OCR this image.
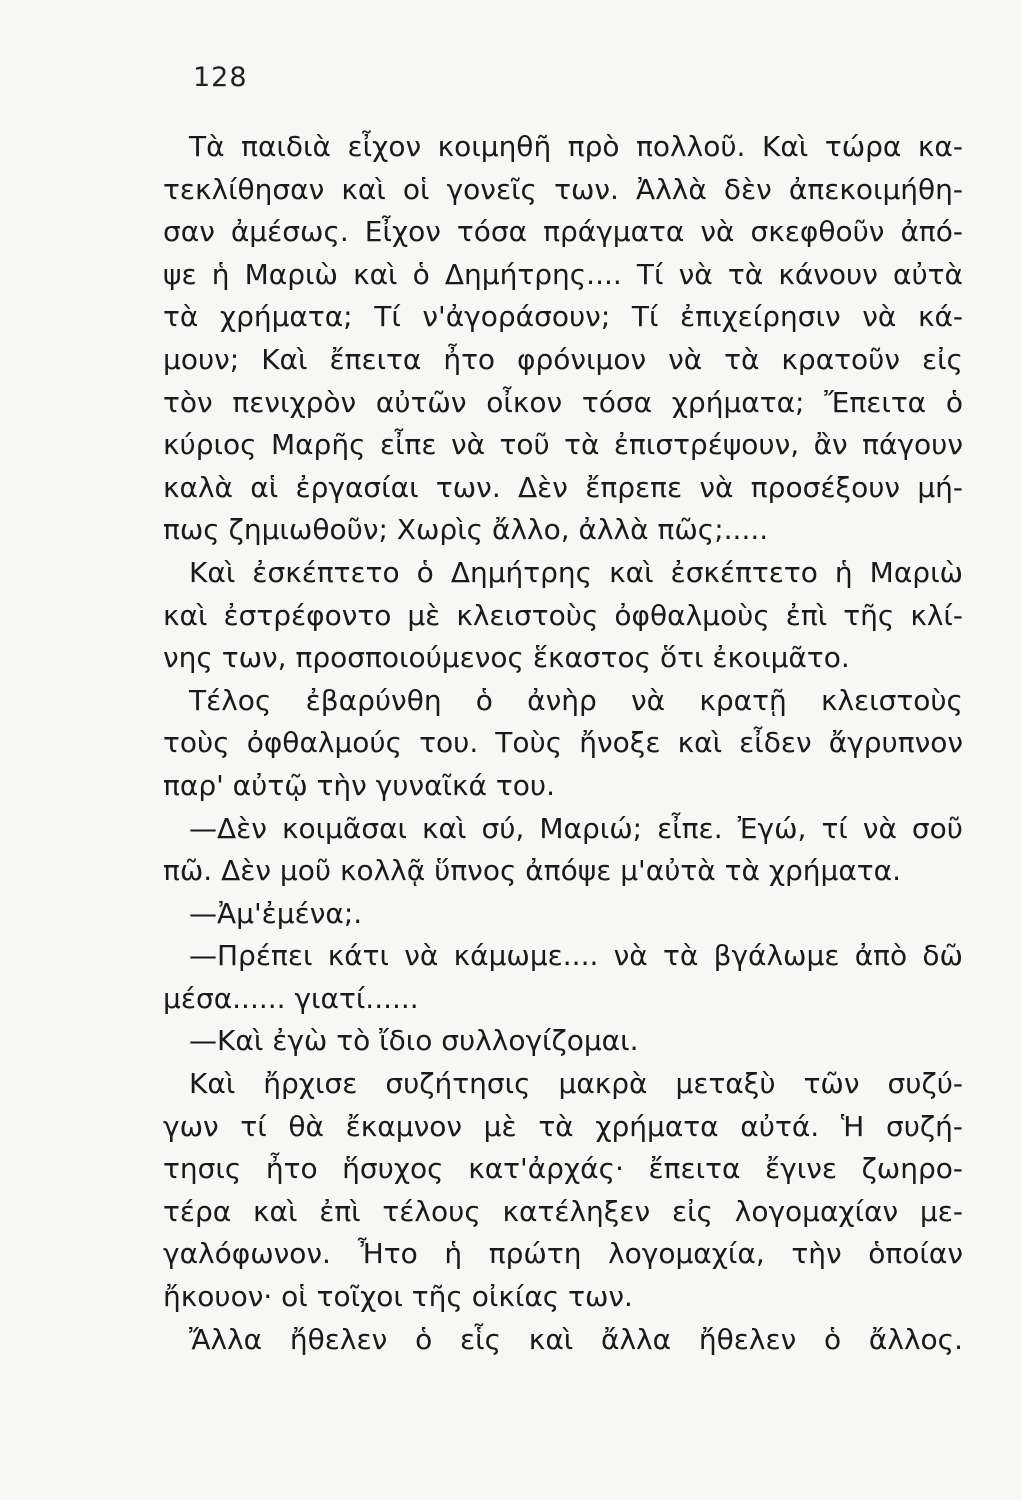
128
Τὰ παιδιὰ εἶχον κοιμηθῆ πρὸ πολλοῦ. Καὶ τώρα κα-
τεκλίθησαν καὶ οἱ γονεῖς των. Ἀλλὰ δὲν ἀπεκοιμήθη-
σαν ἀμέσως. Εἶχον τόσα πράγματα νὰ σκεφθοῦν ἀπό-
ψε ἡ Μαριὼ καὶ ὁ Δημήτρης.... Τί νὰ τὰ κάνουν αὐτὰ
τὰ χρήματα; Τί ν'ἀγοράσουν; Τί ἐπιχείρησιν νὰ κά-
μουν; Καὶ ἔπειτα ἦτο φρόνιμον νὰ τὰ κρατοῦν εἰς
τὸν πενιχρὸν αὐτῶν οἶκον τόσα χρήματα; Ἔπειτα ὁ
κύριος Μαρῆς εἶπε νὰ τοῦ τὰ ἐπιστρέψουν, ἂν πάγουν
καλὰ αἱ ἐργασίαι των. Δὲν ἔπρεπε νὰ προσέξουν μή-
πως ζημιωθοῦν; Χωρὶς ἄλλο, ἀλλὰ πῶς;.....
Καὶ ἐσκέπτετο ὁ Δημήτρης καὶ ἐσκέπτετο ἡ Μαριὼ
καὶ ἐστρέφοντο μὲ κλειστοὺς ὀφθαλμοὺς ἐπὶ τῆς κλί-
νης των, προσποιούμενος ἕκαστος ὅτι ἐκοιμᾶτο.
Τέλος ἐβαρύνθη ὁ ἀνὴρ νὰ κρατῇ κλειστοὺς
τοὺς ὀφθαλμούς του. Τοὺς ἤνοξε καὶ εἶδεν ἄγρυπνον
παρ' αὐτῷ τὴν γυναῖκά του.
—Δὲν κοιμᾶσαι καὶ σύ, Μαριώ; εἶπε. Ἐγώ, τί νὰ σοῦ
πῶ. Δὲν μοῦ κολλᾷ ὕπνος ἀπόψε μ'αὐτὰ τὰ χρήματα.
—Ἀμ'ἐμένα;.
—Πρέπει κάτι νὰ κάμωμε.... νὰ τὰ βγάλωμε ἀπὸ δῶ
μέσα...... γιατί......
—Καὶ ἐγὼ τὸ ἴδιο συλλογίζομαι.
Καὶ ἤρχισε συζήτησις μακρὰ μεταξὺ τῶν συζύ-
γων τί θὰ ἔκαμνον μὲ τὰ χρήματα αὐτά. Ἡ συζή-
τησις ἦτο ἥσυχος κατ'ἀρχάς· ἔπειτα ἔγινε ζωηρο-
τέρα καὶ ἐπὶ τέλους κατέληξεν εἰς λογομαχίαν με-
γαλόφωνον. Ἦτο ἡ πρώτη λογομαχία, τὴν ὁποίαν
ἤκουον· οἱ τοῖχοι τῆς οἰκίας των.
Ἄλλα ἤθελεν ὁ εἷς καὶ ἄλλα ἤθελεν ὁ ἄλλος.
